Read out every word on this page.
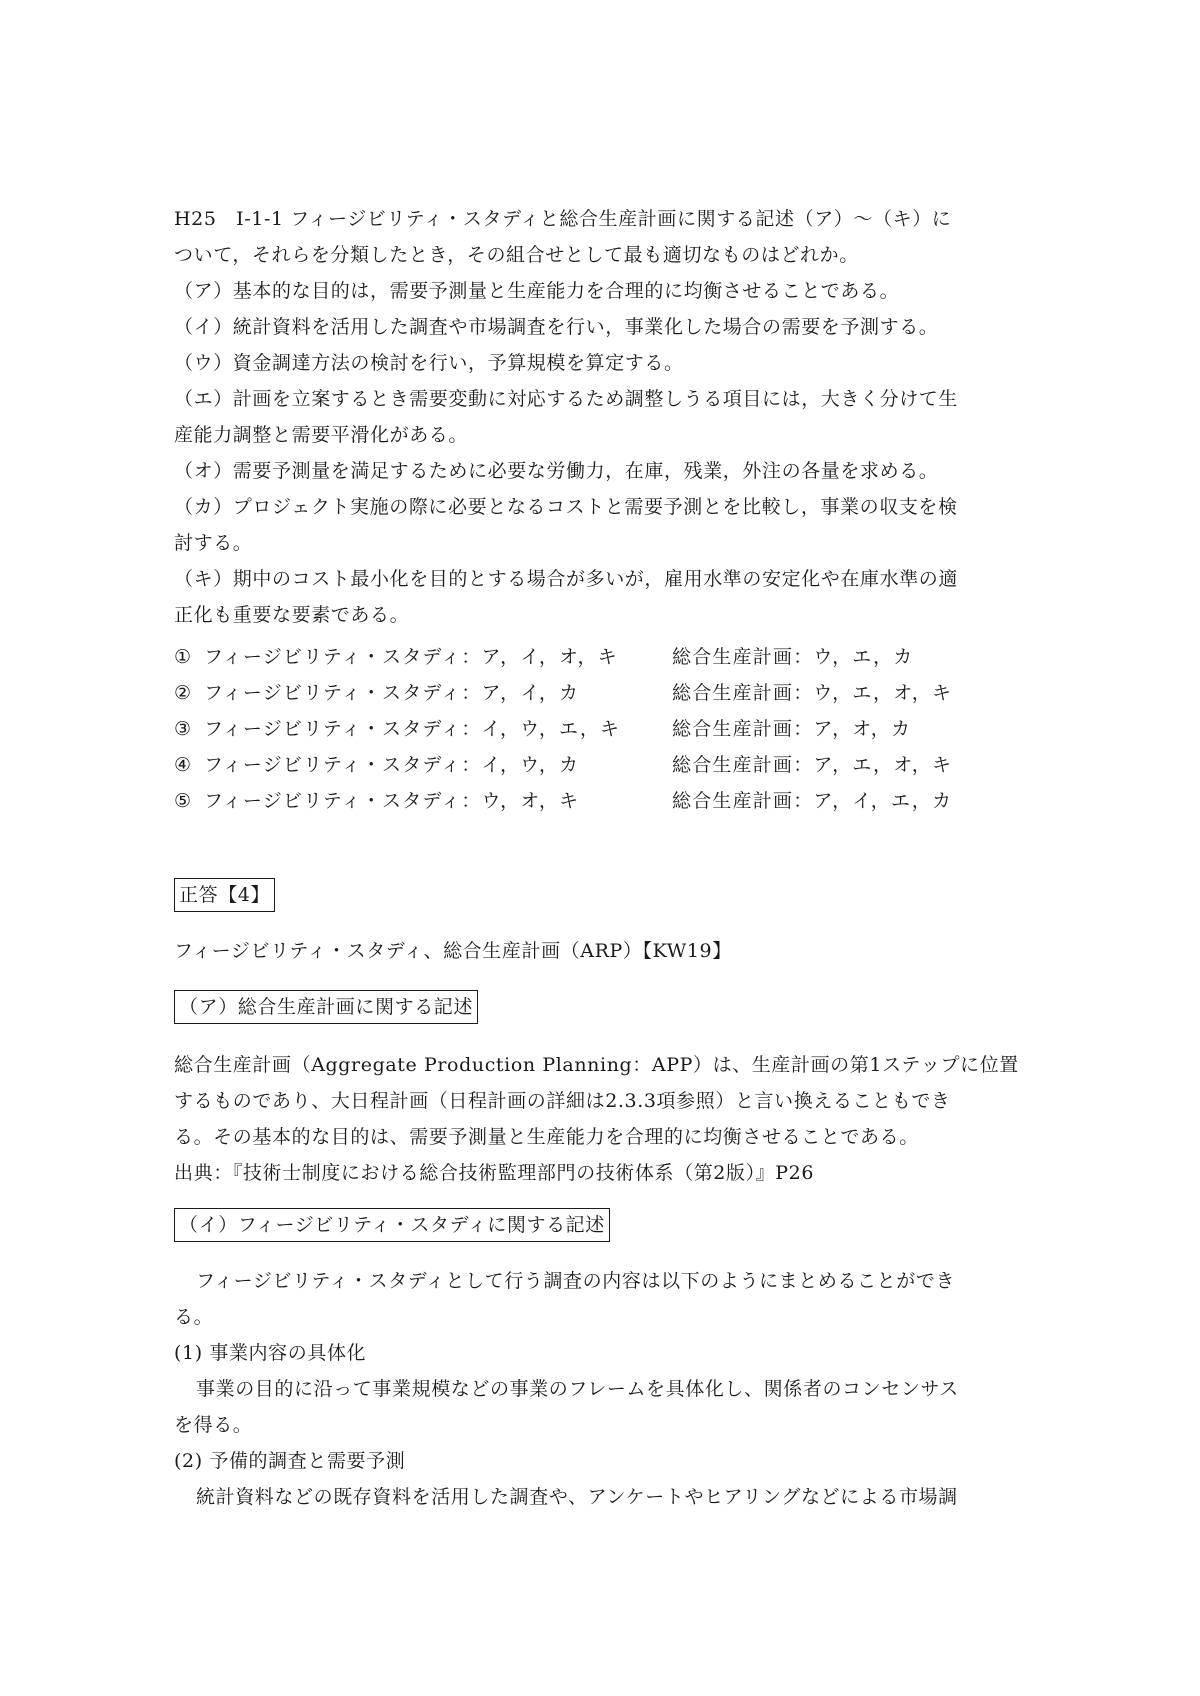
H25　Ⅰ-1-1 フィージビリティ・スタディと総合生産計画に関する記述（ア）～（キ）に
ついて，それらを分類したとき，その組合せとして最も適切なものはどれか。
（ア）基本的な目的は，需要予測量と生産能力を合理的に均衡させることである。
（イ）統計資料を活用した調査や市場調査を行い，事業化した場合の需要を予測する。
（ウ）資金調達方法の検討を行い，予算規模を算定する。
（エ）計画を立案するとき需要変動に対応するため調整しうる項目には，大きく分けて生
産能力調整と需要平滑化がある。
（オ）需要予測量を満足するために必要な労働力，在庫，残業，外注の各量を求める。
（カ）プロジェクト実施の際に必要となるコストと需要予測とを比較し，事業の収支を検
討する。
（キ）期中のコスト最小化を目的とする場合が多いが，雇用水準の安定化や在庫水準の適
正化も重要な要素である。
① フィージビリティ・スタディ：ア，イ，オ，キ	総合生産計画：ウ，エ，カ
② フィージビリティ・スタディ：ア，イ，カ	総合生産計画：ウ，エ，オ，キ
③ フィージビリティ・スタディ：イ，ウ，エ，キ	総合生産計画：ア，オ，カ
④ フィージビリティ・スタディ：イ，ウ，カ	総合生産計画：ア，エ，オ，キ
⑤ フィージビリティ・スタディ：ウ，オ，キ	総合生産計画：ア，イ，エ，カ
正答【4】
フィージビリティ・スタディ、総合生産計画（ARP）【KW19】
（ア）総合生産計画に関する記述
総合生産計画（Aggregate Production Planning：APP）は、生産計画の第1ステップに位置
するものであり、大日程計画（日程計画の詳細は2.3.3項参照）と言い換えることもでき
る。その基本的な目的は、需要予測量と生産能力を合理的に均衡させることである。
出典：『技術士制度における総合技術監理部門の技術体系（第2版）』P26
（イ）フィージビリティ・スタディに関する記述
フィージビリティ・スタディとして行う調査の内容は以下のようにまとめることができ
る。
(1) 事業内容の具体化
事業の目的に沿って事業規模などの事業のフレームを具体化し、関係者のコンセンサス
を得る。
(2) 予備的調査と需要予測
統計資料などの既存資料を活用した調査や、アンケートやヒアリングなどによる市場調
